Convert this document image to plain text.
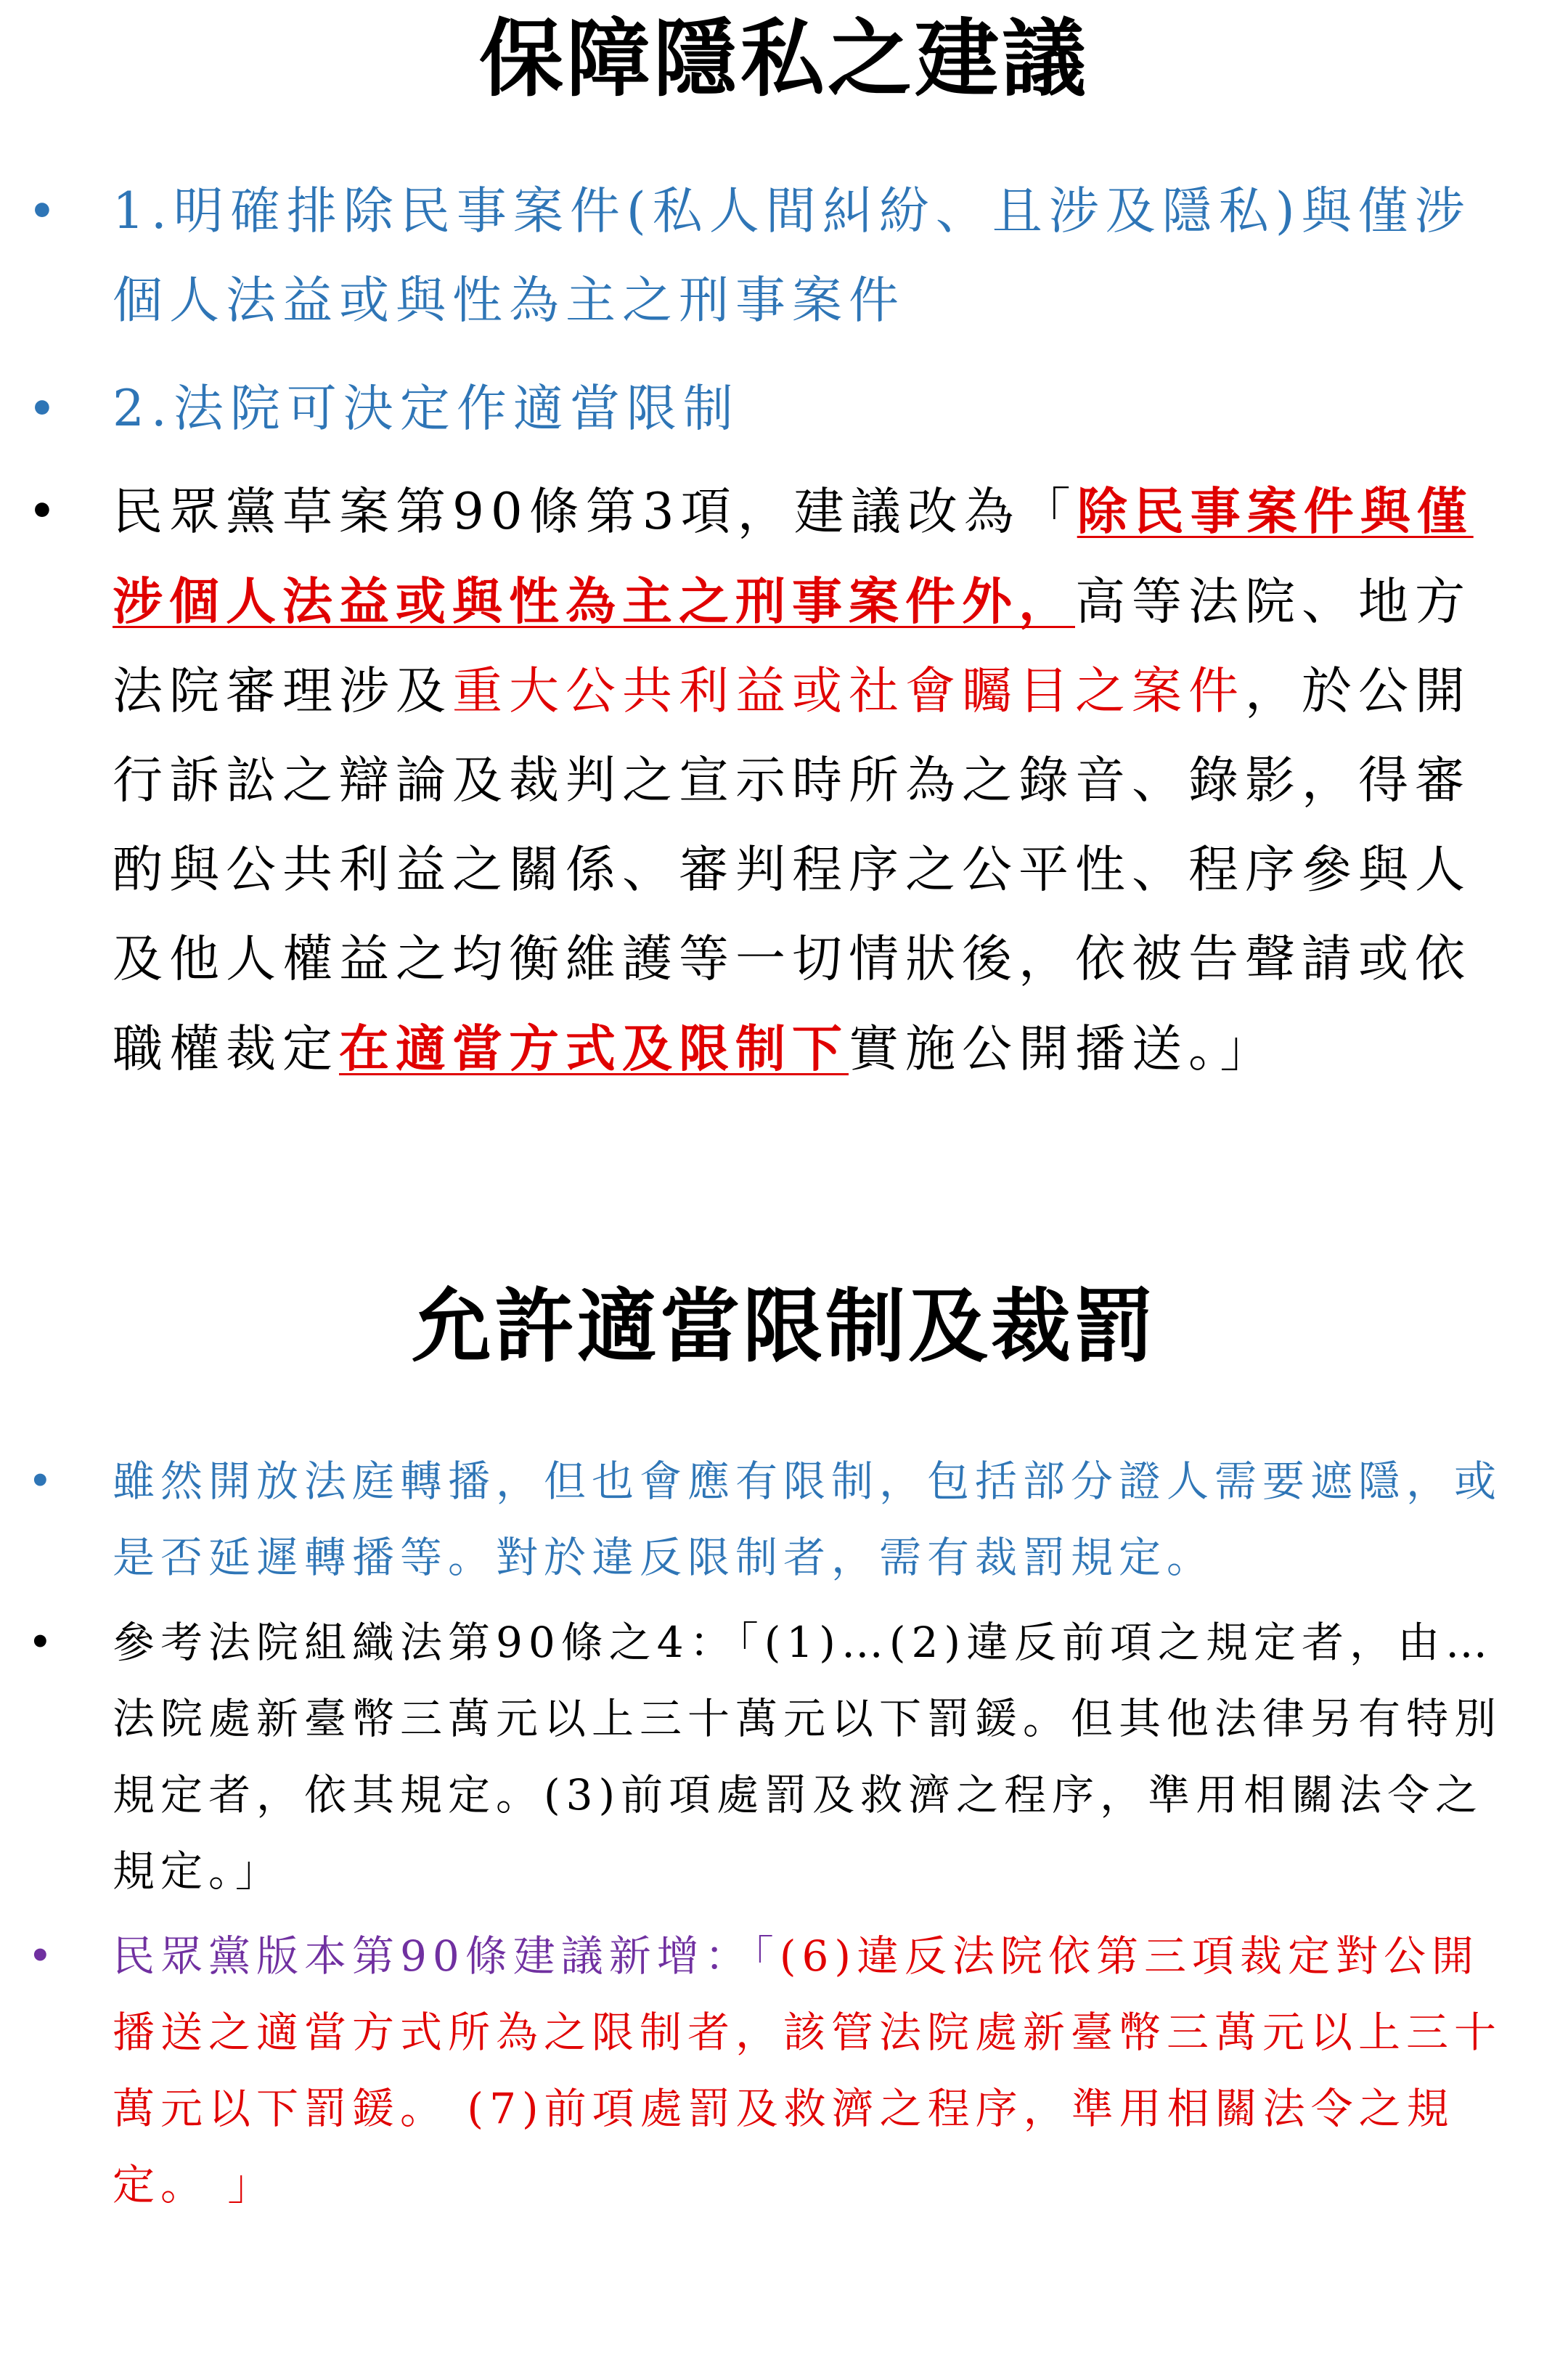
保障隱私之建議
• 1.明確排除民事案件(私人間糾紛、且涉及隱私)與僅涉個人法益或與性為主之刑事案件
• 2.法院可決定作適當限制
• 民眾黨草案第90條第3項，建議改為「除民事案件與僅涉個人法益或與性為主之刑事案件外，高等法院、地方法院審理涉及重大公共利益或社會矚目之案件，於公開行訴訟之辯論及裁判之宣示時所為之錄音、錄影，得審酌與公共利益之關係、審判程序之公平性、程序參與人及他人權益之均衡維護等一切情狀後，依被告聲請或依職權裁定在適當方式及限制下實施公開播送。」
允許適當限制及裁罰
• 雖然開放法庭轉播，但也會應有限制，包括部分證人需要遮隱，或是否延遲轉播等。對於違反限制者，需有裁罰規定。
• 參考法院組織法第90條之4：「(1)…(2)違反前項之規定者，由…法院處新臺幣三萬元以上三十萬元以下罰鍰。但其他法律另有特別規定者，依其規定。(3)前項處罰及救濟之程序，準用相關法令之規定。」
• 民眾黨版本第90條建議新增：「(6)違反法院依第三項裁定對公開播送之適當方式所為之限制者，該管法院處新臺幣三萬元以上三十萬元以下罰鍰。 (7)前項處罰及救濟之程序，準用相關法令之規定。 」
